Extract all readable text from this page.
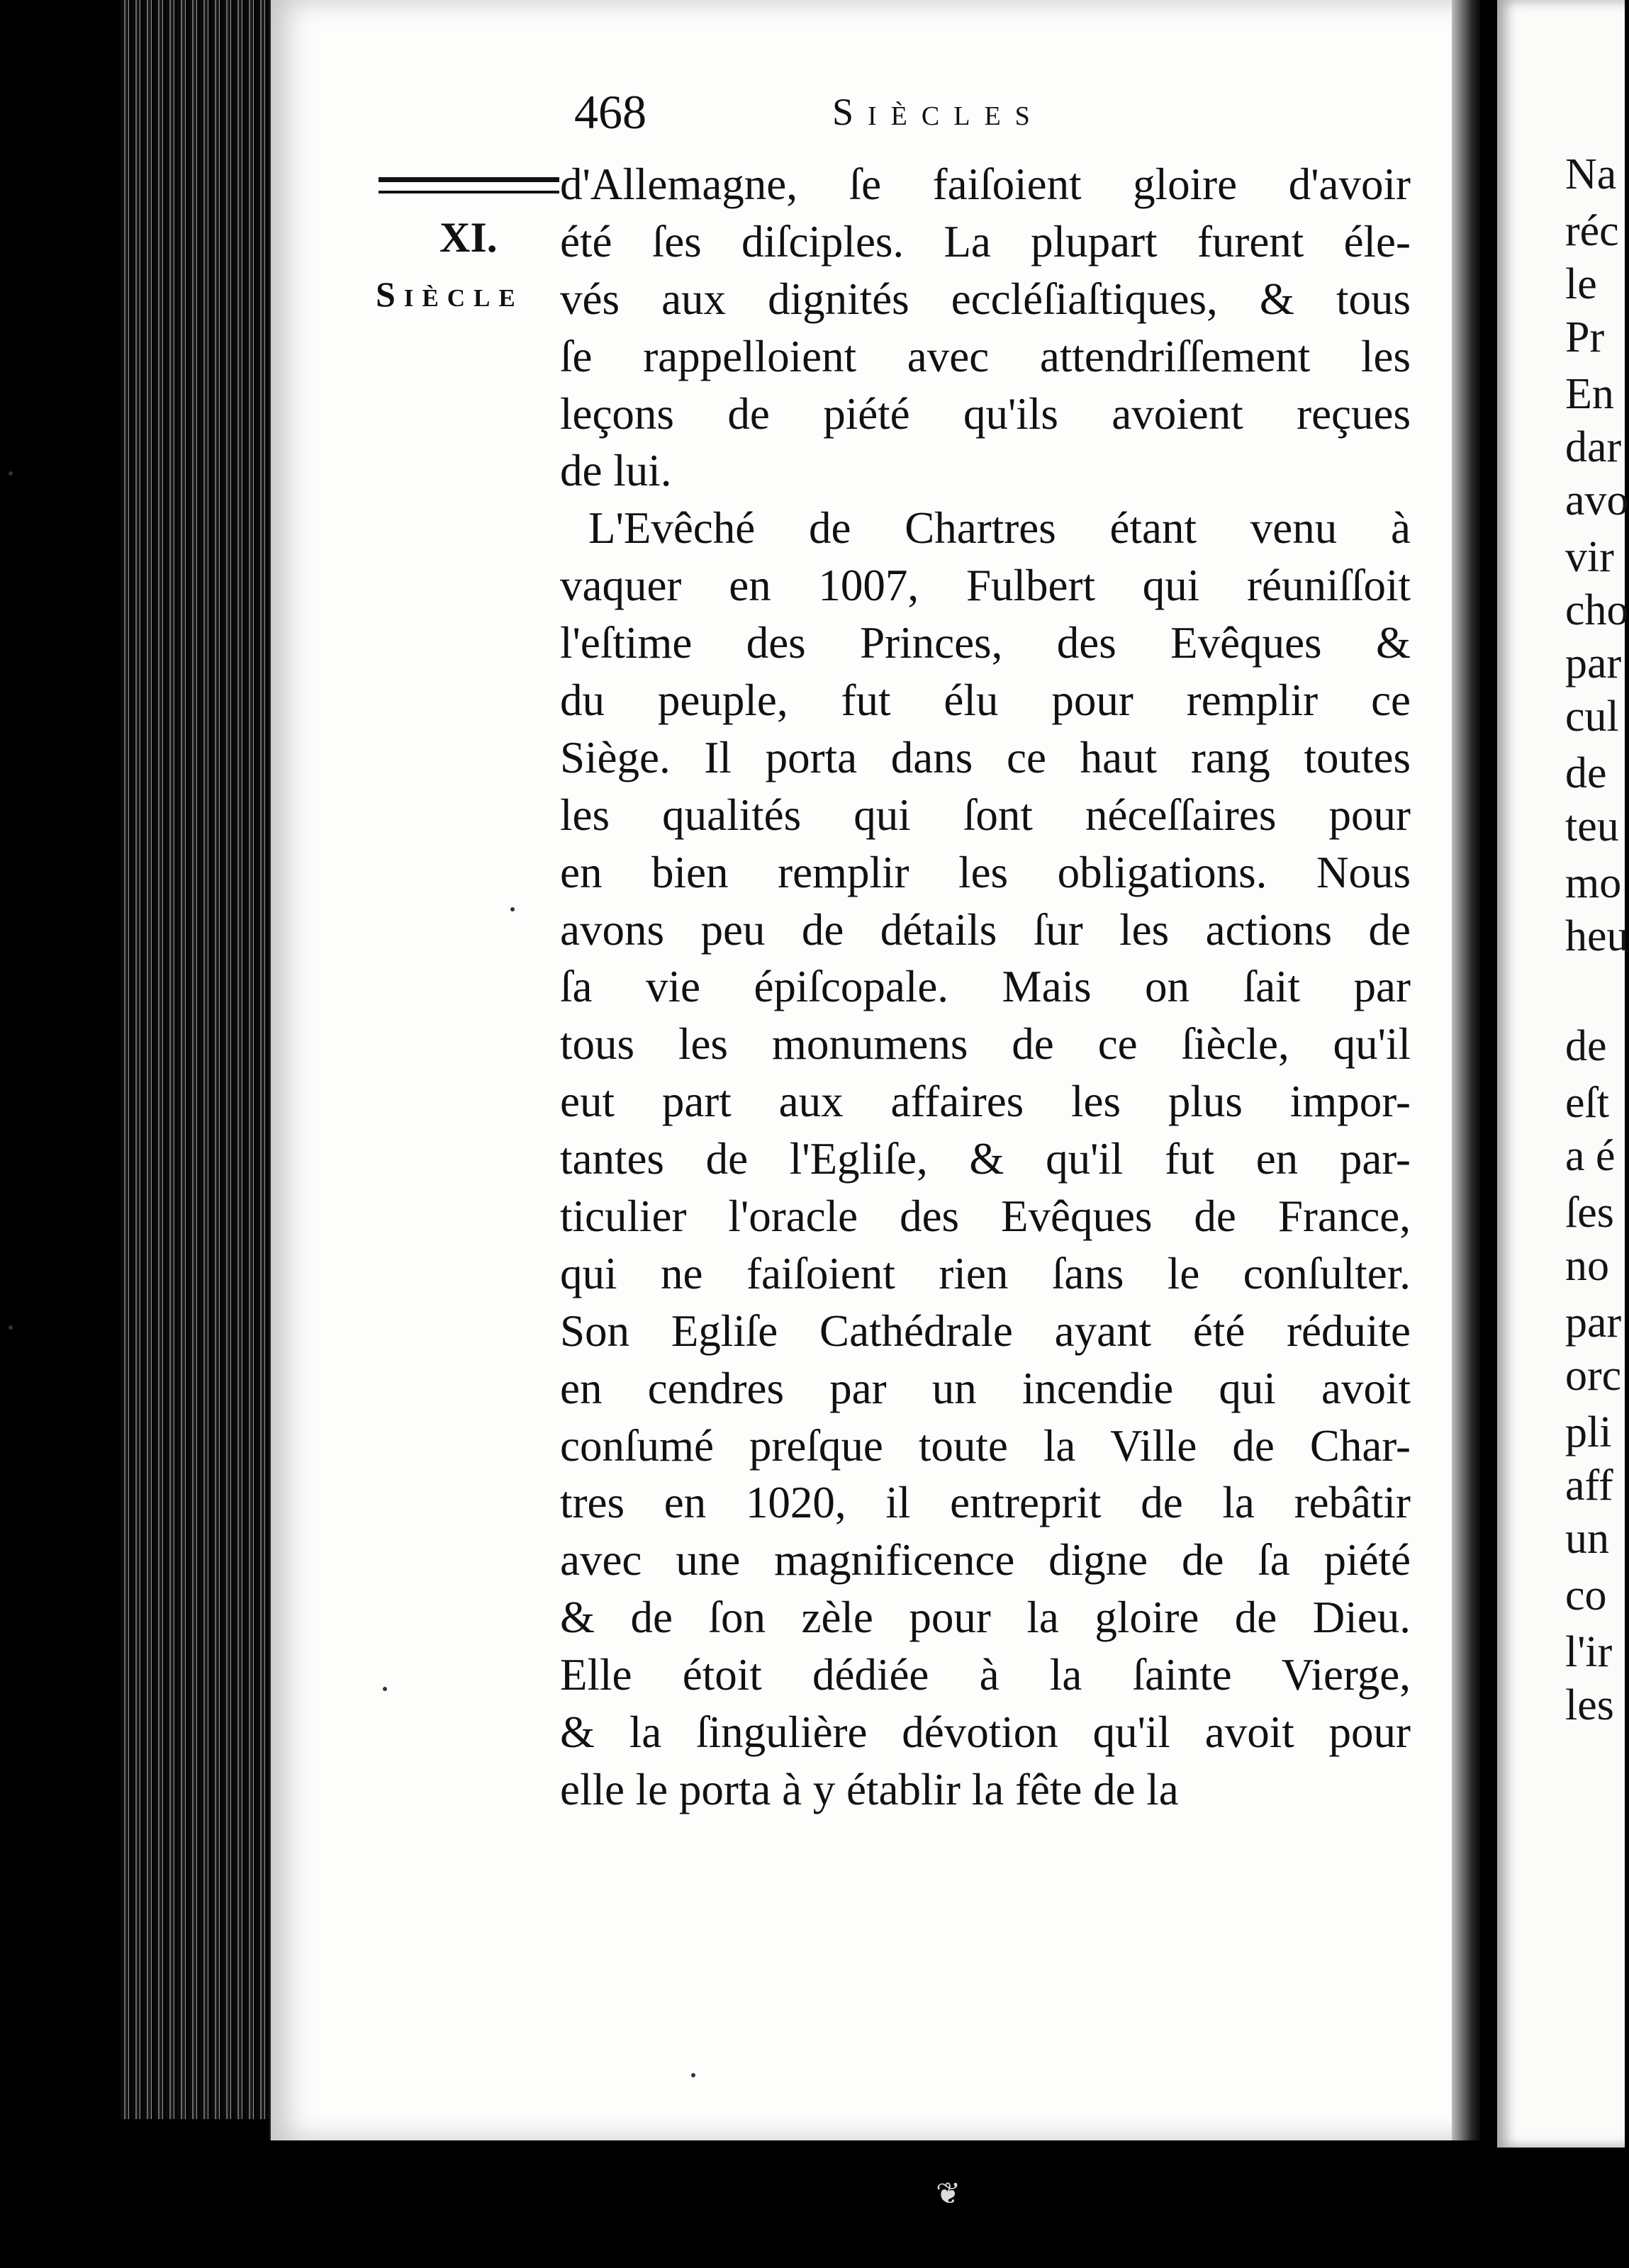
Na
réc
le
Pr
En
dar
avo
vir
cho
par
cul
de
teu
mo
heu
de
eſt
a é
ſes
no
par
orc
pli
aff
un
co
l'ir
les
468	Siècles
XI.
Siècle
d'Allemagne, ſe faiſoient gloire d'avoir
été ſes diſciples. La plupart furent éle-
vés aux dignités eccléſiaſtiques, & tous
ſe rappelloient avec attendriſſement les
leçons de piété qu'ils avoient reçues
de lui.
L'Evêché de Chartres étant venu à
vaquer en 1007, Fulbert qui réuniſſoit
l'eſtime des Princes, des Evêques &
du peuple, fut élu pour remplir ce
Siège. Il porta dans ce haut rang toutes
les qualités qui ſont néceſſaires pour
en bien remplir les obligations. Nous
avons peu de détails ſur les actions de
ſa vie épiſcopale. Mais on ſait par
tous les monumens de ce ſiècle, qu'il
eut part aux affaires les plus impor-
tantes de l'Egliſe, & qu'il fut en par-
ticulier l'oracle des Evêques de France,
qui ne faiſoient rien ſans le conſulter.
Son Egliſe Cathédrale ayant été réduite
en cendres par un incendie qui avoit
conſumé preſque toute la Ville de Char-
tres en 1020, il entreprit de la rebâtir
avec une magnificence digne de ſa piété
& de ſon zèle pour la gloire de Dieu.
Elle étoit dédiée à la ſainte Vierge,
& la ſingulière dévotion qu'il avoit pour
elle le porta à y établir la fête de la
❦
